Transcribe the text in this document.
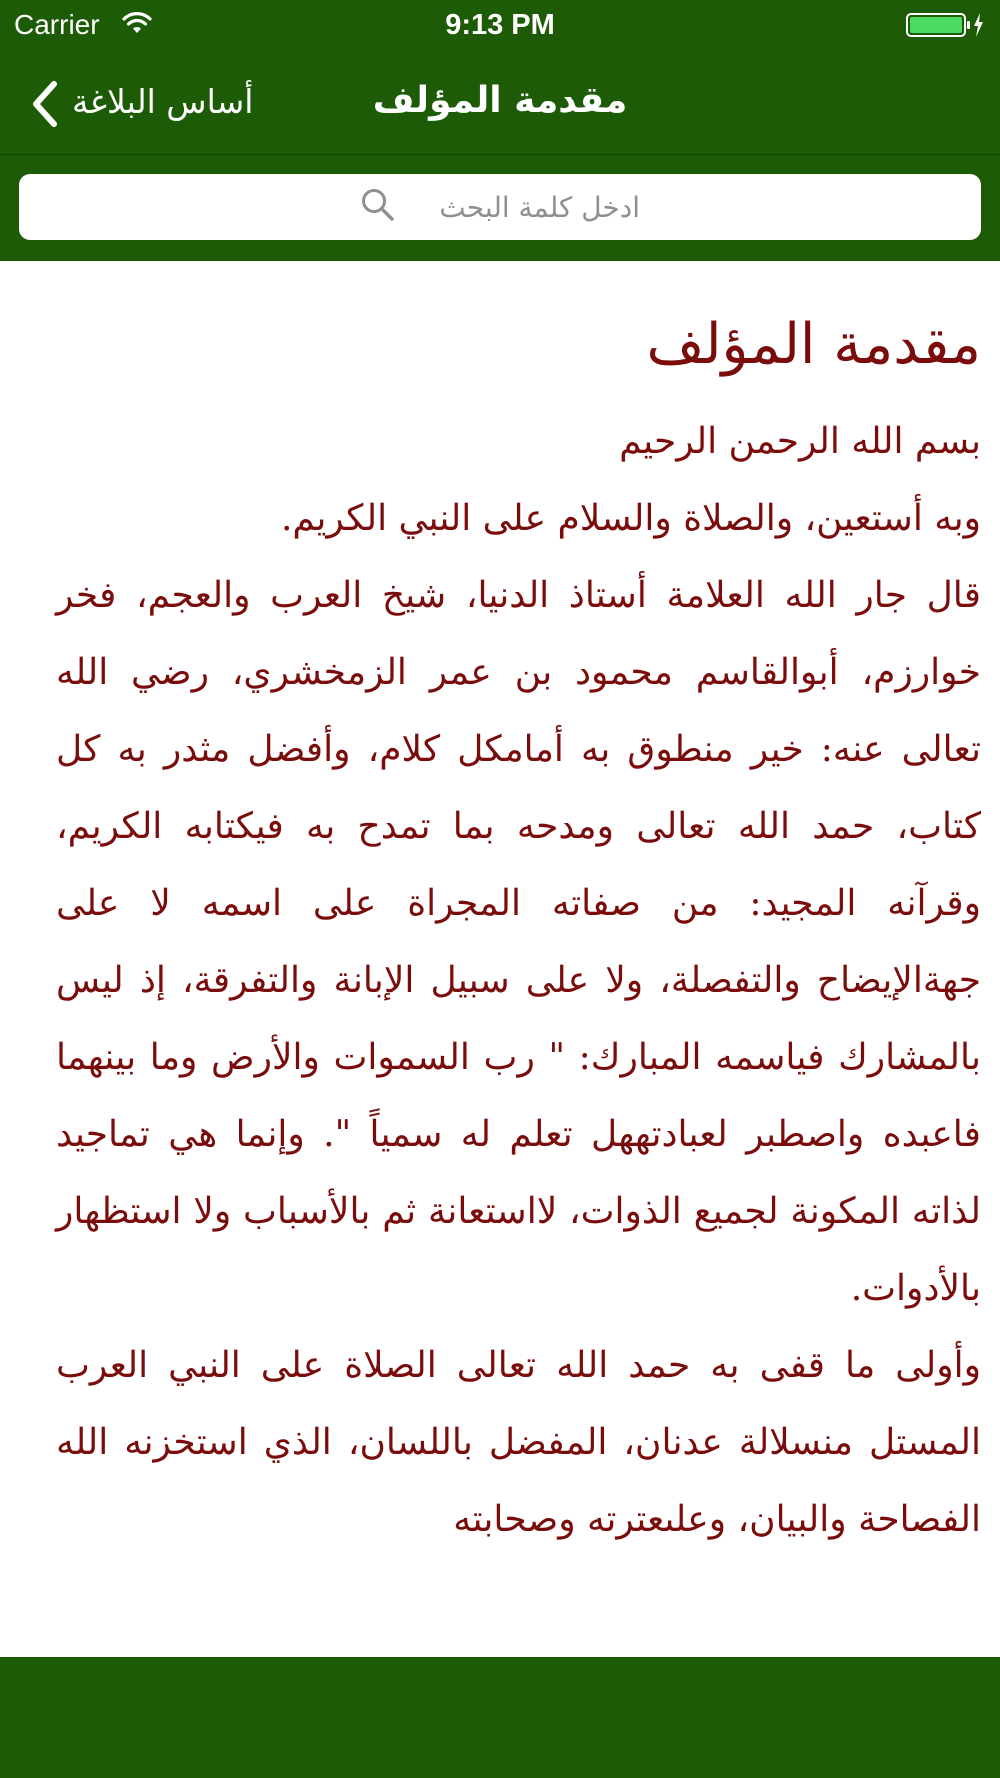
Carrier	9:13 PM
أساس البلاغة	مقدمة المؤلف
ادخل كلمة البحث
مقدمة المؤلف

بسم الله الرحمن الرحيم

وبه أستعين، والصلاة والسلام على النبي الكريم.

قال جار الله العلامة أستاذ الدنيا، شيخ العرب والعجم، فخر خوارزم، أبوالقاسم محمود بن عمر الزمخشري، رضي الله تعالى عنه: خير منطوق به أمامكل كلام، وأفضل مثدر به كل كتاب، حمد الله تعالى ومدحه بما تمدح به فيكتابه الكريم، وقرآنه المجيد: من صفاته المجراة على اسمه لا على جهةالإيضاح والتفصلة، ولا على سبيل الإبانة والتفرقة، إذ ليس بالمشارك فياسمه المبارك: " رب السموات والأرض وما بينهما فاعبده واصطبر لعبادتههل تعلم له سمياً ". وإنما هي تماجيد لذاته المكونة لجميع الذوات، لااستعانة ثم بالأسباب ولا استظهار بالأدوات.

وأولى ما قفى به حمد الله تعالى الصلاة على النبي العرب المستل منسلالة عدنان، المفضل باللسان، الذي استخزنه الله الفصاحة والبيان، وعلىعترته وصحابته
